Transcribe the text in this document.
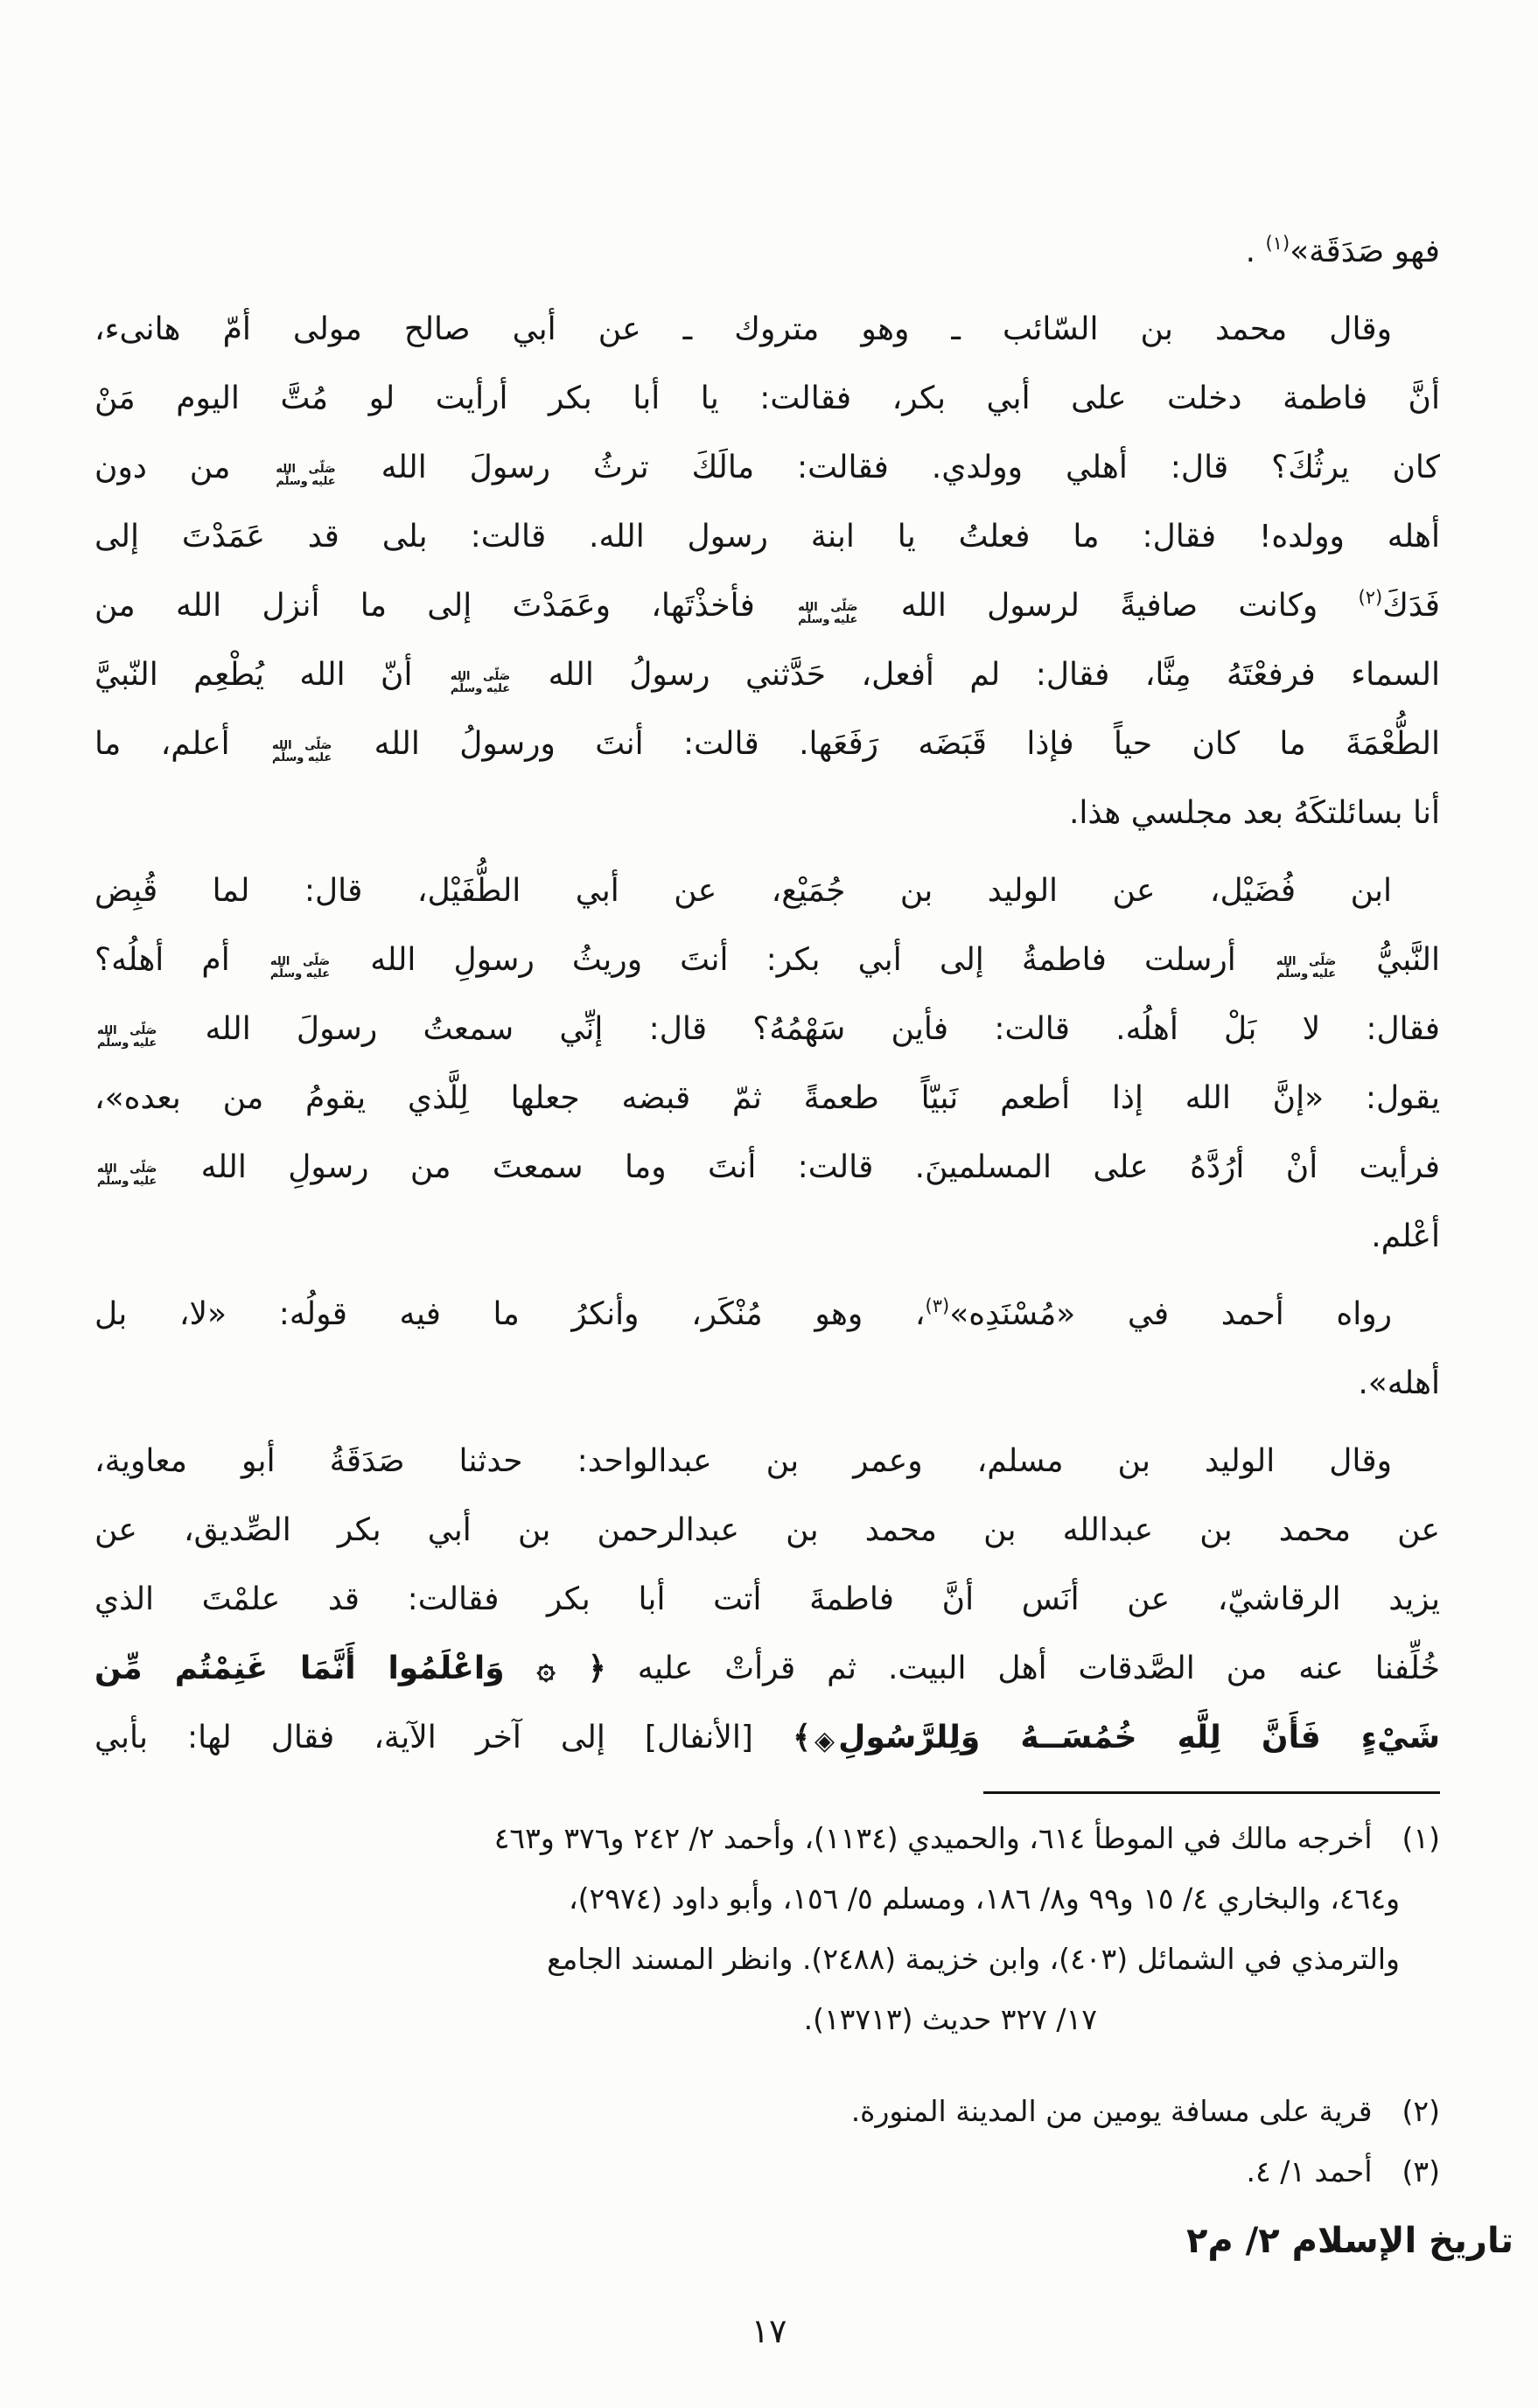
فهو صَدَقَة»$^{(١)}$ .
وقال محمد بن السّائب ـ وهو متروك ـ عن أبي صالح مولى أمّ هانىء،
أنَّ فاطمة دخلت على أبي بكر، فقالت: يا أبا بكر أرأيت لو مُتَّ اليوم مَنْ
كان يرثُكَ؟ قال: أهلي وولدي. فقالت: مالَكَ ترثُ رسولَ الله صَلّى الله
عليه وسلّم من دون
أهله وولده! فقال: ما فعلتُ يا ابنة رسول الله. قالت: بلى قد عَمَدْتَ إلى
فَدَكَ$^{(٢)}$ وكانت صافيةً لرسول الله صَلّى الله
عليه وسلّم فأخذْتَها، وعَمَدْتَ إلى ما أنزل الله من
السماء فرفعْتَهُ مِنَّا، فقال: لم أفعل، حَدَّثني رسولُ الله صَلّى الله
عليه وسلّم أنّ الله يُطْعِم النّبيَّ
الطُّعْمَةَ ما كان حياً فإذا قَبَضَه رَفَعَها. قالت: أنتَ ورسولُ الله صَلّى الله
عليه وسلّم أعلم، ما
أنا بسائلتكَهُ بعد مجلسي هذا.
ابن فُضَيْل، عن الوليد بن جُمَيْع، عن أبي الطُّفَيْل، قال: لما قُبِض
النَّبيُّ صَلّى الله
عليه وسلّم أرسلت فاطمةُ إلى أبي بكر: أنتَ وريثُ رسولِ الله صَلّى الله
عليه وسلّم أم أهلُه؟
فقال: لا بَلْ أهلُه. قالت: فأين سَهْمُهُ؟ قال: إنِّي سمعتُ رسولَ الله صَلّى الله
عليه وسلّم
يقول: «إنَّ الله إذا أطعم نَبيّاً طعمةً ثمّ قبضه جعلها لِلَّذي يقومُ من بعده»،
فرأيت أنْ أرُدَّهُ على المسلمينَ. قالت: أنتَ وما سمعتَ من رسولِ الله صَلّى الله
عليه وسلّم
أعْلم.
رواه أحمد في «مُسْنَدِه»$^{(٣)}$، وهو مُنْكَر، وأنكرُ ما فيه قولُه: «لا، بل
أهله».
وقال الوليد بن مسلم، وعمر بن عبدالواحد: حدثنا صَدَقَةُ أبو معاوية،
عن محمد بن عبدالله بن محمد بن عبدالرحمن بن أبي بكر الصِّديق، عن
يزيد الرقاشيّ، عن أنَس أنَّ فاطمةَ أتت أبا بكر فقالت: قد علمْتَ الذي
خُلِّفنا عنه من الصَّدقات أهل البيت. ثم قرأتْ عليه ﴿ ۞ وَاعْلَمُوا أَنَّمَا غَنِمْتُم مِّن
شَيْءٍ فَأَنَّ لِلَّهِ خُمُسَــهُ وَلِلرَّسُولِ◈﴾ [الأنفال] إلى آخر الآية، فقال لها: بأبي
(١)أخرجه مالك في الموطأ ٦١٤، والحميدي (١١٣٤)، وأحمد ٢/ ٢٤٢ و٣٧٦ و٤٦٣
و٤٦٤، والبخاري ٤/ ١٥ و٩٩ و٨/ ١٨٦، ومسلم ٥/ ١٥٦، وأبو داود (٢٩٧٤)،
والترمذي في الشمائل (٤٠٣)، وابن خزيمة (٢٤٨٨). وانظر المسند الجامع
١٧/ ٣٢٧ حديث (١٣٧١٣).
(٢)قرية على مسافة يومين من المدينة المنورة.
(٣)أحمد ١/ ٤.
تاريخ الإسلام ٢/ م٢
١٧
